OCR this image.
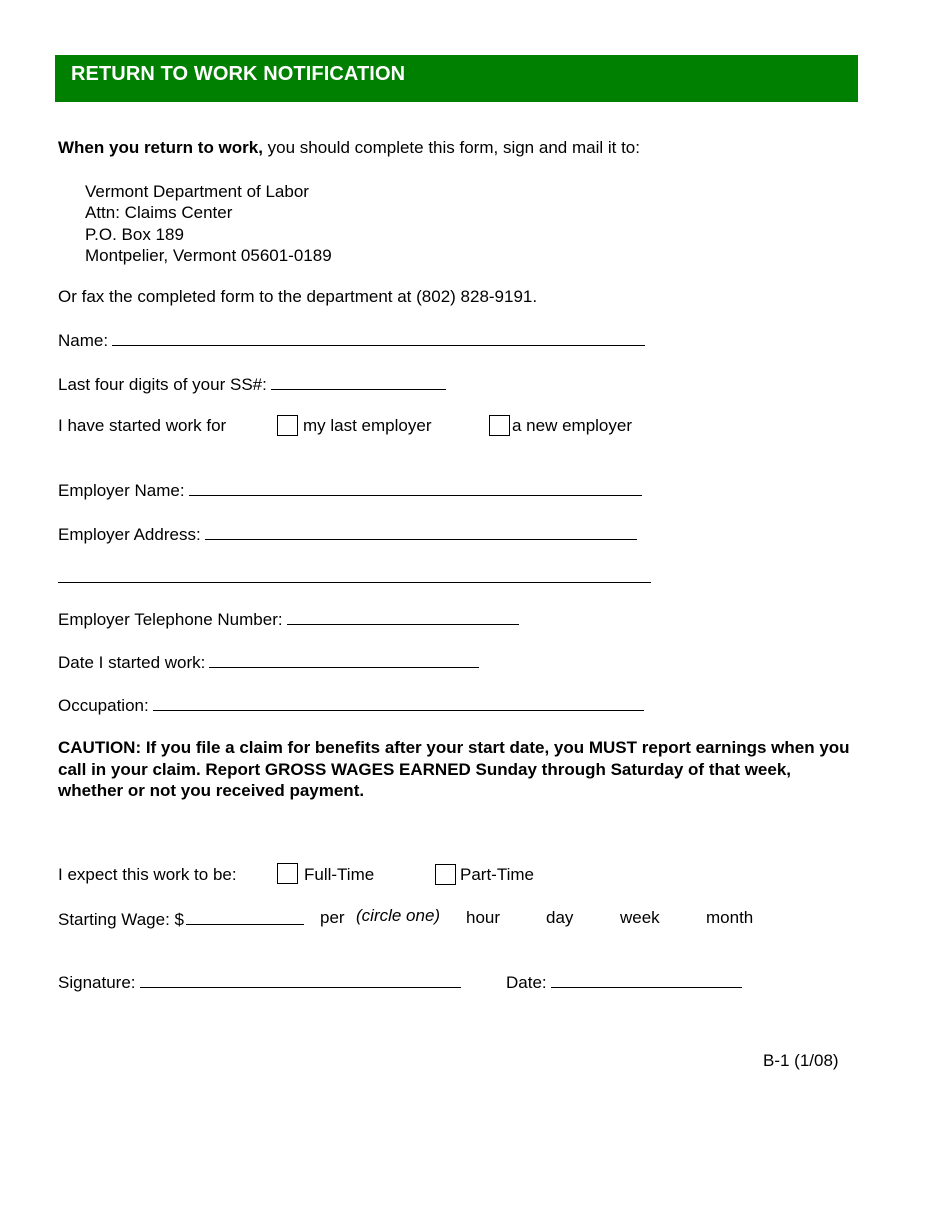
RETURN TO WORK NOTIFICATION
When you return to work, you should complete this form, sign and mail it to:
Vermont Department of Labor
Attn: Claims Center
P.O. Box 189
Montpelier, Vermont 05601-0189
Or fax the completed form to the department at (802) 828-9191.
Name:
Last four digits of your SS#:
I have started work for	my last employer	a new employer
Employer Name:
Employer Address:
Employer Telephone Number:
Date I started work:
Occupation:
CAUTION: If you file a claim for benefits after your start date, you MUST report earnings when you call in your claim. Report GROSS WAGES EARNED Sunday through Saturday of that week, whether or not you received payment.
I expect this work to be:	Full-Time	Part-Time
Starting Wage: $	per (circle one) hour	day	week	month
Signature:	Date:
B-1 (1/08)
